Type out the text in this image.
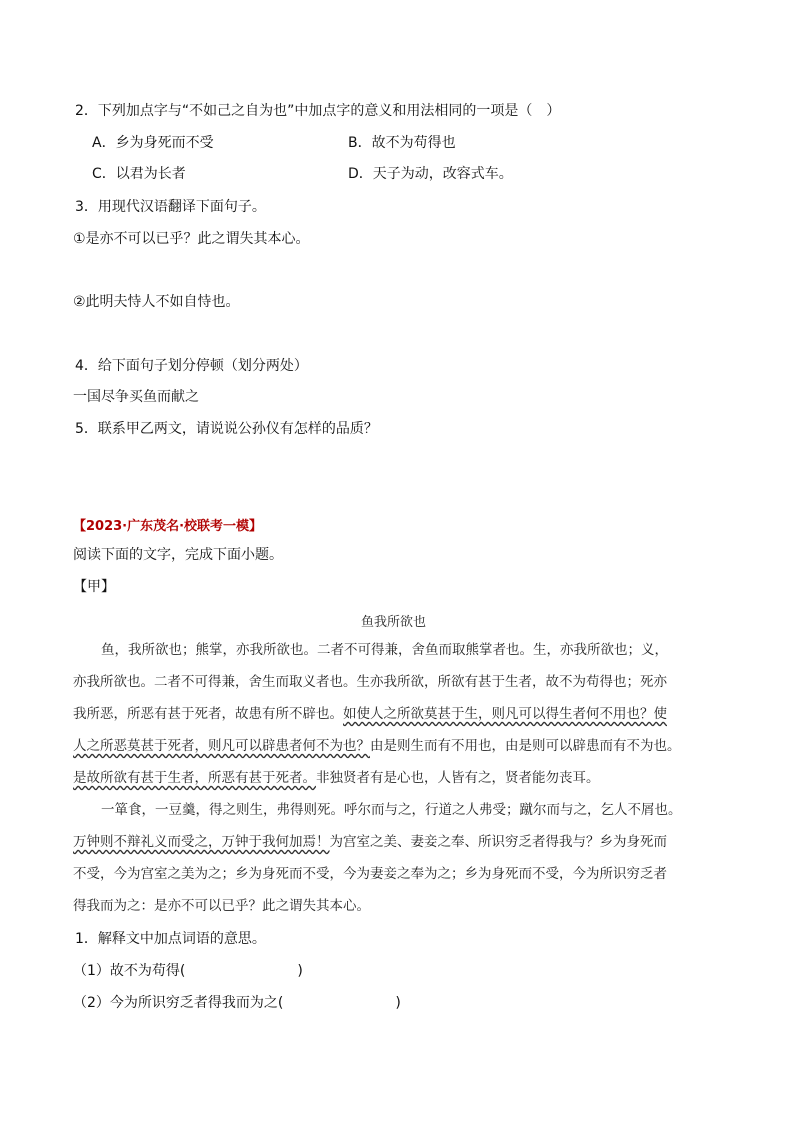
2．下列加点字与“不如己之自为也”中加点字的意义和用法相同的一项是（　）
A．乡为身死而不受	B．故不为苟得也
C．以君为长者	D．天子为动，改容式车。
3．用现代汉语翻译下面句子。
①是亦不可以已乎？此之谓失其本心。
②此明夫恃人不如自恃也。
4．给下面句子划分停顿（划分两处）
一国尽争买鱼而献之
5．联系甲乙两文，请说说公孙仪有怎样的品质？
【2023·广东茂名·校联考一模】
阅读下面的文字，完成下面小题。
【甲】
鱼我所欲也
鱼，我所欲也；熊掌，亦我所欲也。二者不可得兼，舍鱼而取熊掌者也。生，亦我所欲也；义，
亦我所欲也。二者不可得兼，舍生而取义者也。生亦我所欲，所欲有甚于生者，故不为苟得也；死亦
我所恶，所恶有甚于死者，故患有所不辟也。如使人之所欲莫甚于生，则凡可以得生者何不用也？使
人之所恶莫甚于死者，则凡可以辟患者何不为也？由是则生而有不用也，由是则可以辟患而有不为也。
是故所欲有甚于生者，所恶有甚于死者。非独贤者有是心也，人皆有之，贤者能勿丧耳。
一箪食，一豆羹，得之则生，弗得则死。呼尔而与之，行道之人弗受；蹴尔而与之，乞人不屑也。
万钟则不辩礼义而受之，万钟于我何加焉！为宫室之美、妻妾之奉、所识穷乏者得我与？乡为身死而
不受，今为宫室之美为之；乡为身死而不受，今为妻妾之奉为之；乡为身死而不受，今为所识穷乏者
得我而为之：是亦不可以已乎？此之谓失其本心。
1．解释文中加点词语的意思。
（1）故不为苟得(	)
（2）今为所识穷乏者得我而为之(	)
